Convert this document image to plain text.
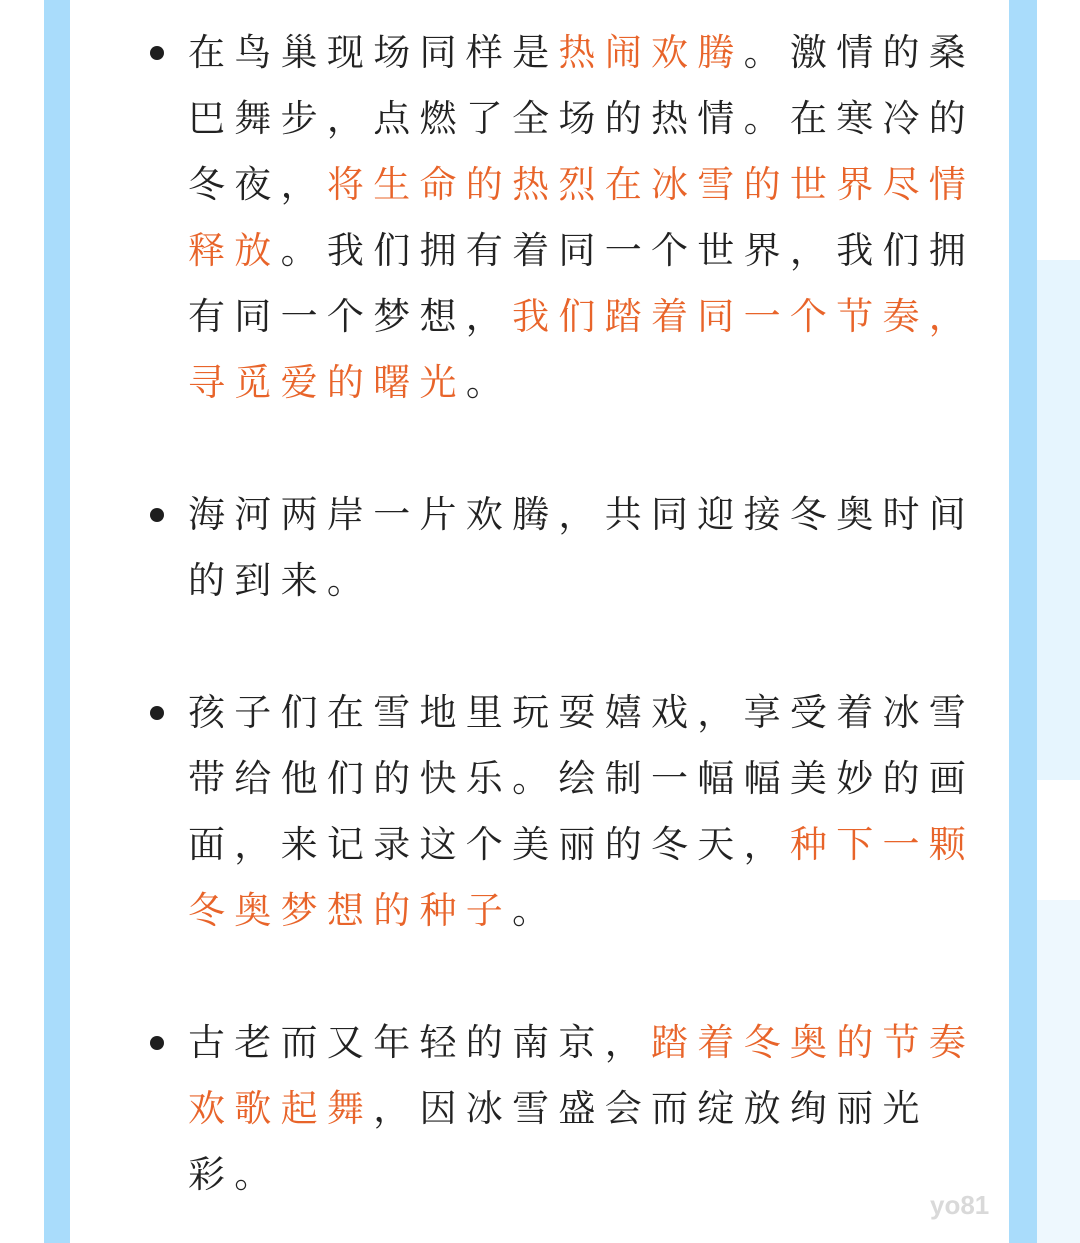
在鸟巢现场同样是热闹欢腾。激情的桑巴舞步，点燃了全场的热情。在寒冷的冬夜，将生命的热烈在冰雪的世界尽情释放。我们拥有着同一个世界，我们拥有同一个梦想，我们踏着同一个节奏，寻觅爱的曙光。
海河两岸一片欢腾，共同迎接冬奥时间的到来。
孩子们在雪地里玩耍嬉戏，享受着冰雪带给他们的快乐。绘制一幅幅美妙的画面，来记录这个美丽的冬天，种下一颗冬奥梦想的种子。
古老而又年轻的南京，踏着冬奥的节奏欢歌起舞，因冰雪盛会而绽放绚丽光彩。
yo81
